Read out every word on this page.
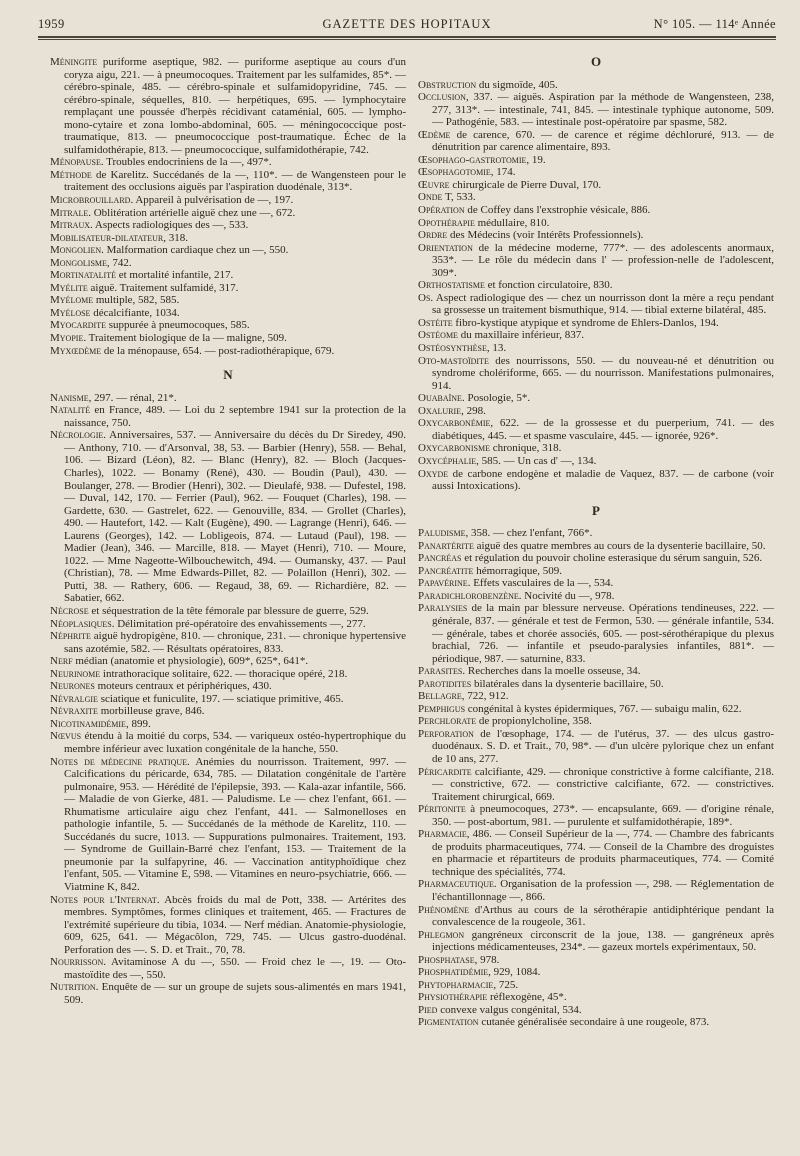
1959	GAZETTE DES HOPITAUX	N° 105. — 114ᵉ Année

Méningite puriforme aseptique, 982. — puriforme aseptique au cours d'un coryza aigu, 221. — à pneumocoques. Traitement par les sulfamides, 85*. — cérébro-spinale, 485. — cérébro-spinale et sulfamidopyridine, 745. — cérébro-spinale, séquelles, 810. — herpétiques, 695. — lymphocytaire remplaçant une poussée d'herpès récidivant cataménial, 605. — lympho-mono-cytaire et zona lombo-abdominal, 605. — méningococcique post-traumatique, 813. — pneumococcique post-traumatique. Échec de la sulfamidothérapie, 813. — pneumococcique, sulfamidothérapie, 742.

Ménopause. Troubles endocriniens de la —, 497*.

Méthode de Karelitz. Succédanés de la —, 110*. — de Wangensteen pour le traitement des occlusions aiguës par l'aspiration duodénale, 313*.

Microbrouillard. Appareil à pulvérisation de —, 197.

Mitrale. Oblitération artérielle aiguë chez une —, 672.

Mitraux. Aspects radiologiques des —, 533.

Mobilisateur-dilatateur, 318.

Mongolien. Malformation cardiaque chez un —, 550.

Mongolisme, 742.

Mortinatalité et mortalité infantile, 217.

Myélite aiguë. Traitement sulfamidé, 317.

Myélome multiple, 582, 585.

Myélose décalcifiante, 1034.

Myocardite suppurée à pneumocoques, 585.

Myopie. Traitement biologique de la — maligne, 509.

Myxœdème de la ménopause, 654. — post-radiothérapique, 679.

N

Nanisme, 297. — rénal, 21*.

Natalité en France, 489. — Loi du 2 septembre 1941 sur la protection de la naissance, 750.

Nécrologie. Anniversaires, 537. — Anniversaire du décès du Dr Siredey, 490. — Anthony, 710. — d'Arsonval, 38, 53. — Barbier (Henry), 558. — Behal, 106. — Bizard (Léon), 82. — Blanc (Henry), 82. — Bloch (Jacques-Charles), 1022. — Bonamy (René), 430. — Boudin (Paul), 430. — Boulanger, 278. — Brodier (Henri), 302. — Dieulafé, 938. — Dufestel, 198. — Duval, 142, 170. — Ferrier (Paul), 962. — Fouquet (Charles), 198. — Gardette, 630. — Gastrelet, 622. — Genouville, 834. — Grollet (Charles), 490. — Hautefort, 142. — Kalt (Eugène), 490. — Lagrange (Henri), 646. — Laurens (Georges), 142. — Lobligeois, 874. — Lutaud (Paul), 198. — Madier (Jean), 346. — Marcille, 818. — Mayet (Henri), 710. — Moure, 1022. — Mme Nageotte-Wilbouchewitch, 494. — Oumansky, 437. — Paul (Christian), 78. — Mme Edwards-Pillet, 82. — Polaillon (Henri), 302. — Putti, 38. — Rathery, 606. — Regaud, 38, 69. — Richardière, 82. — Sabatier, 662.

Nécrose et séquestration de la tête fémorale par blessure de guerre, 529.

Néoplasiques. Délimitation pré-opératoire des envahissements —, 277.

Néphrite aiguë hydropigène, 810. — chronique, 231. — chronique hypertensive sans azotémie, 582. — Résultats opératoires, 833.

Nerf médian (anatomie et physiologie), 609*, 625*, 641*.

Neurinome intrathoracique solitaire, 622. — thoracique opéré, 218.

Neurones moteurs centraux et périphériques, 430.

Névralgie sciatique et funiculite, 197. — sciatique primitive, 465.

Névraxite morbilleuse grave, 846.

Nicotinamidémie, 899.

Nœvus étendu à la moitié du corps, 534. — variqueux ostéo-hypertrophique du membre inférieur avec luxation congénitale de la hanche, 550.

Notes de médecine pratique. Anémies du nourrisson. Traitement, 997. — Calcifications du péricarde, 634, 785. — Dilatation congénitale de l'artère pulmonaire, 953. — Hérédité de l'épilepsie, 393. — Kala-azar infantile, 566. — Maladie de von Gierke, 481. — Paludisme. Le — chez l'enfant, 661. — Rhumatisme articulaire aigu chez l'enfant, 441. — Salmonelloses en pathologie infantile, 5. — Succédanés de la méthode de Karelitz, 110. — Succédanés du sucre, 1013. — Suppurations pulmonaires. Traitement, 193. — Syndrome de Guillain-Barré chez l'enfant, 153. — Traitement de la pneumonie par la sulfapyrine, 46. — Vaccination antityphoïdique chez l'enfant, 505. — Vitamine E, 598. — Vitamines en neuro-psychiatrie, 666. — Viatmine K, 842.

Notes pour l'Internat. Abcès froids du mal de Pott, 338. — Artérites des membres. Symptômes, formes cliniques et traitement, 465. — Fractures de l'extrémité supérieure du tibia, 1034. — Nerf médian. Anatomie-physiologie, 609, 625, 641. — Mégacôlon, 729, 745. — Ulcus gastro-duodénal. Perforation des —. S. D. et Trait., 70, 78.

Nourrisson. Avitaminose A du —, 550. — Froid chez le —, 19. — Oto-mastoïdite des —, 550.

Nutrition. Enquête de — sur un groupe de sujets sous-alimentés en mars 1941, 509.

O

Obstruction du sigmoïde, 405.

Occlusion, 337. — aiguës. Aspiration par la méthode de Wangensteen, 238, 277, 313*. — intestinale, 741, 845. — intestinale typhique autonome, 509. — Pathogénie, 583. — intestinale post-opératoire par spasme, 582.

Œdème de carence, 670. — de carence et régime déchloruré, 913. — de dénutrition par carence alimentaire, 893.

Œsophago-gastrotomie, 19.

Œsophagotomie, 174.

Œuvre chirurgicale de Pierre Duval, 170.

Onde T, 533.

Opération de Coffey dans l'exstrophie vésicale, 886.

Opothérapie médullaire, 810.

Ordre des Médecins (voir Intérêts Professionnels).

Orientation de la médecine moderne, 777*. — des adolescents anormaux, 353*. — Le rôle du médecin dans l' — profession-nelle de l'adolescent, 309*.

Orthostatisme et fonction circulatoire, 830.

Os. Aspect radiologique des — chez un nourrisson dont la mère a reçu pendant sa grossesse un traitement bismuthique, 914. — tibial externe bilatéral, 485.

Ostéite fibro-kystique atypique et syndrome de Ehlers-Danlos, 194.

Ostéome du maxillaire inférieur, 837.

Ostéosynthèse, 13.

Oto-mastoïdite des nourrissons, 550. — du nouveau-né et dénutrition ou syndrome cholériforme, 665. — du nourrisson. Manifestations pulmonaires, 914.

Ouabaïne. Posologie, 5*.

Oxalurie, 298.

Oxycarbonémie, 622. — de la grossesse et du puerperium, 741. — des diabétiques, 445. — et spasme vasculaire, 445. — ignorée, 926*.

Oxycarbonisme chronique, 318.

Oxycéphalie, 585. — Un cas d' —, 134.

Oxyde de carbone endogène et maladie de Vaquez, 837. — de carbone (voir aussi Intoxications).

P

Paludisme, 358. — chez l'enfant, 766*.

Panartérite aiguë des quatre membres au cours de la dysenterie bacillaire, 50.

Pancréas et régulation du pouvoir choline esterasique du sérum sanguin, 526.

Pancréatite hémorragique, 509.

Papavérine. Effets vasculaires de la —, 534.

Paradichlorobenzène. Nocivité du —, 978.

Paralysies de la main par blessure nerveuse. Opérations tendineuses, 222. — générale, 837. — générale et test de Fermon, 530. — générale infantile, 534. — générale, tabes et chorée associés, 605. — post-sérothérapique du plexus brachial, 726. — infantile et pseudo-paralysies infantiles, 881*. — périodique, 987. — saturnine, 833.

Parasites. Recherches dans la moelle osseuse, 34.

Parotidites bilatérales dans la dysenterie bacillaire, 50.

Bellagre, 722, 912.

Pemphigus congénital à kystes épidermiques, 767. — subaigu malin, 622.

Perchlorate de propionylcholine, 358.

Perforation de l'œsophage, 174. — de l'utérus, 37. — des ulcus gastro-duodénaux. S. D. et Trait., 70, 98*. — d'un ulcère pylorique chez un enfant de 10 ans, 277.

Péricardite calcifiante, 429. — chronique constrictive à forme calcifiante, 218. — constrictive, 672. — constrictive calcifiante, 672. — constrictives. Traitement chirurgical, 669.

Péritonite à pneumocoques, 273*. — encapsulante, 669. — d'origine rénale, 350. — post-abortum, 981. — purulente et sulfamidothérapie, 189*.

Pharmacie, 486. — Conseil Supérieur de la —, 774. — Chambre des fabricants de produits pharmaceutiques, 774. — Conseil de la Chambre des droguistes en pharmacie et répartiteurs de produits pharmaceutiques, 774. — Comité technique des spécialités, 774.

Pharmaceutique. Organisation de la profession —, 298. — Réglementation de l'échantillonnage —, 866.

Phénomène d'Arthus au cours de la sérothérapie antidiphtérique pendant la convalescence de la rougeole, 361.

Phlegmon gangréneux circonscrit de la joue, 138. — gangréneux après injections médicamenteuses, 234*. — gazeux mortels expérimentaux, 50.

Phosphatase, 978.

Phosphatidémie, 929, 1084.

Phytopharmacie, 725.

Physiothérapie réflexogène, 45*.

Pied convexe valgus congénital, 534.

Pigmentation cutanée généralisée secondaire à une rougeole, 873.
